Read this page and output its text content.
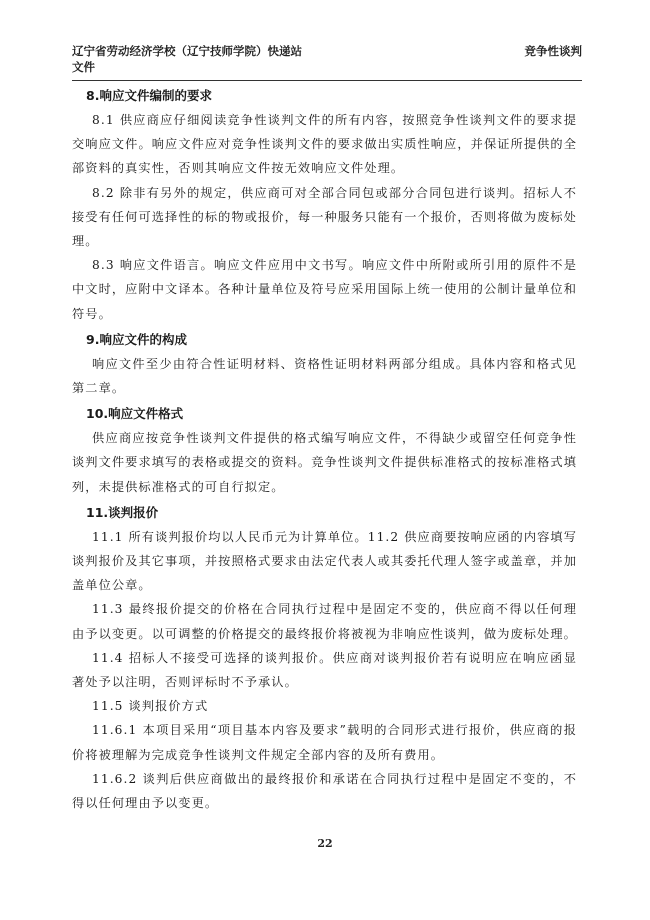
辽宁省劳动经济学校（辽宁技师学院）快递站
文件
竞争性谈判

8.响应文件编制的要求

8.1 供应商应仔细阅读竞争性谈判文件的所有内容，按照竞争性谈判文件的要求提交响应文件。响应文件应对竞争性谈判文件的要求做出实质性响应，并保证所提供的全部资料的真实性，否则其响应文件按无效响应文件处理。

8.2 除非有另外的规定，供应商可对全部合同包或部分合同包进行谈判。招标人不接受有任何可选择性的标的物或报价，每一种服务只能有一个报价，否则将做为废标处理。

8.3 响应文件语言。响应文件应用中文书写。响应文件中所附或所引用的原件不是中文时，应附中文译本。各种计量单位及符号应采用国际上统一使用的公制计量单位和符号。

9.响应文件的构成

响应文件至少由符合性证明材料、资格性证明材料两部分组成。具体内容和格式见第二章。

10.响应文件格式

供应商应按竞争性谈判文件提供的格式编写响应文件，不得缺少或留空任何竞争性谈判文件要求填写的表格或提交的资料。竞争性谈判文件提供标准格式的按标准格式填列，未提供标准格式的可自行拟定。

11.谈判报价

11.1 所有谈判报价均以人民币元为计算单位。11.2 供应商要按响应函的内容填写谈判报价及其它事项，并按照格式要求由法定代表人或其委托代理人签字或盖章，并加盖单位公章。

11.3 最终报价提交的价格在合同执行过程中是固定不变的，供应商不得以任何理由予以变更。以可调整的价格提交的最终报价将被视为非响应性谈判，做为废标处理。

11.4 招标人不接受可选择的谈判报价。供应商对谈判报价若有说明应在响应函显著处予以注明，否则评标时不予承认。

11.5 谈判报价方式

11.6.1 本项目采用“项目基本内容及要求”载明的合同形式进行报价，供应商的报价将被理解为完成竞争性谈判文件规定全部内容的及所有费用。

11.6.2 谈判后供应商做出的最终报价和承诺在合同执行过程中是固定不变的，不得以任何理由予以变更。

22
